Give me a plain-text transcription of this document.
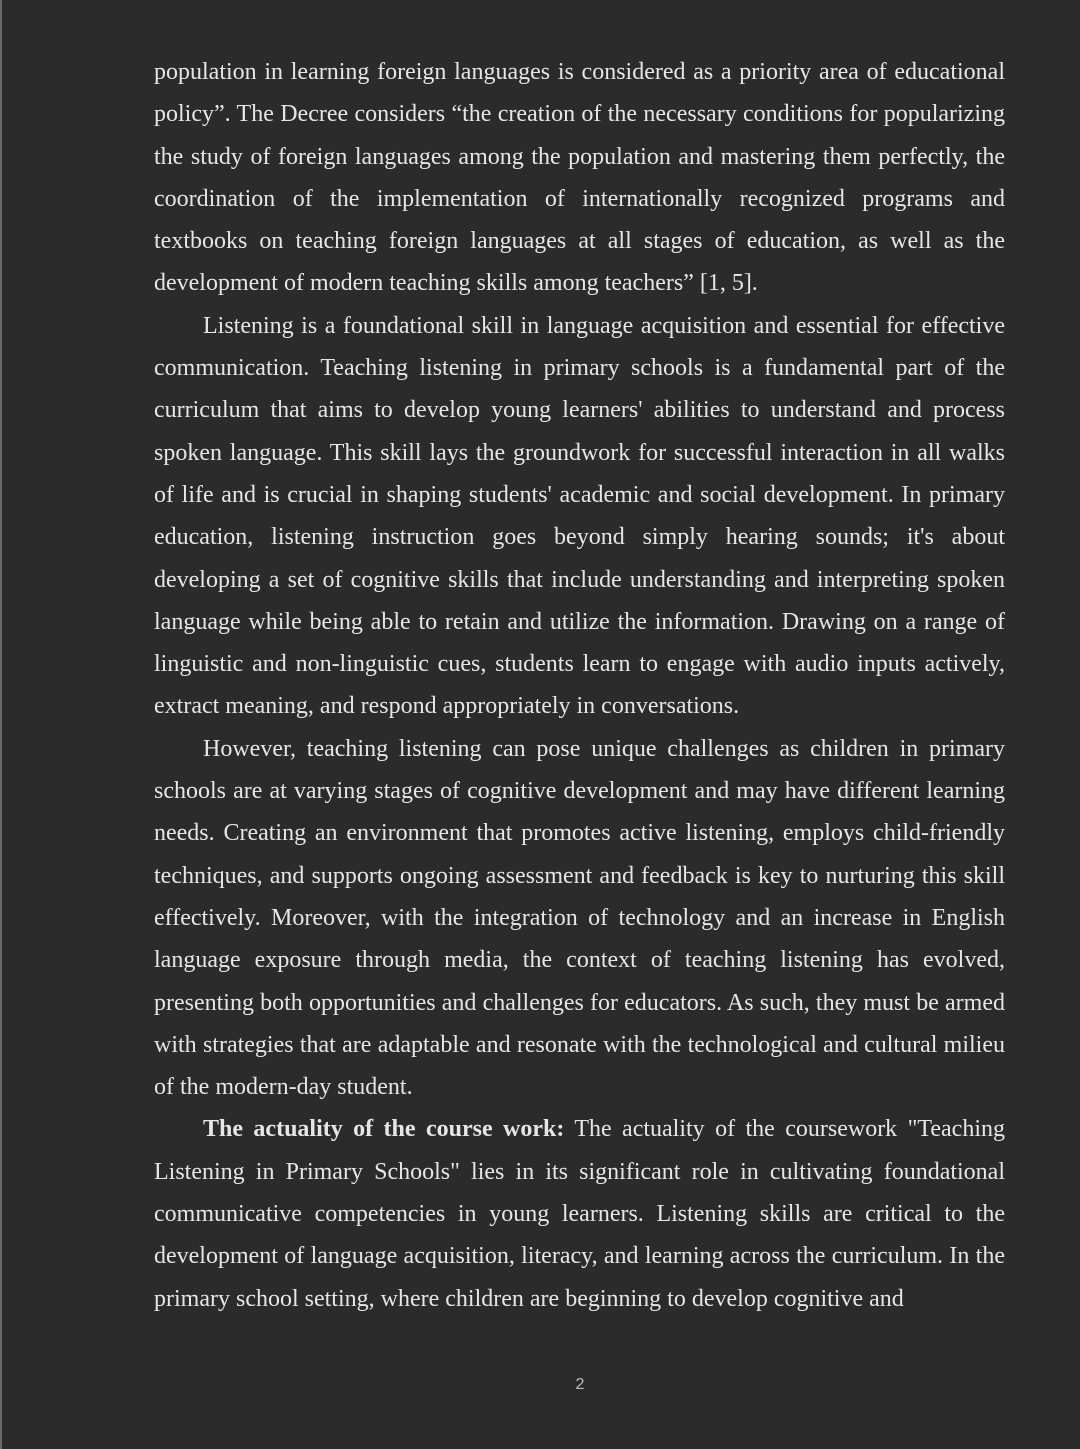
population in learning foreign languages is considered as a priority area of educational policy”. The Decree considers “the creation of the necessary conditions for popularizing the study of foreign languages among the population and mastering them perfectly, the coordination of the implementation of internationally recognized programs and textbooks on teaching foreign languages at all stages of education, as well as the development of modern teaching skills among teachers” [1, 5].

Listening is a foundational skill in language acquisition and essential for effective communication. Teaching listening in primary schools is a fundamental part of the curriculum that aims to develop young learners' abilities to understand and process spoken language. This skill lays the groundwork for successful interaction in all walks of life and is crucial in shaping students' academic and social development. In primary education, listening instruction goes beyond simply hearing sounds; it's about developing a set of cognitive skills that include understanding and interpreting spoken language while being able to retain and utilize the information. Drawing on a range of linguistic and non-linguistic cues, students learn to engage with audio inputs actively, extract meaning, and respond appropriately in conversations.

However, teaching listening can pose unique challenges as children in primary schools are at varying stages of cognitive development and may have different learning needs. Creating an environment that promotes active listening, employs child-friendly techniques, and supports ongoing assessment and feedback is key to nurturing this skill effectively. Moreover, with the integration of technology and an increase in English language exposure through media, the context of teaching listening has evolved, presenting both opportunities and challenges for educators. As such, they must be armed with strategies that are adaptable and resonate with the technological and cultural milieu of the modern-day student.

The actuality of the course work: The actuality of the coursework "Teaching Listening in Primary Schools" lies in its significant role in cultivating foundational communicative competencies in young learners. Listening skills are critical to the development of language acquisition, literacy, and learning across the curriculum. In the primary school setting, where children are beginning to develop cognitive and

2
